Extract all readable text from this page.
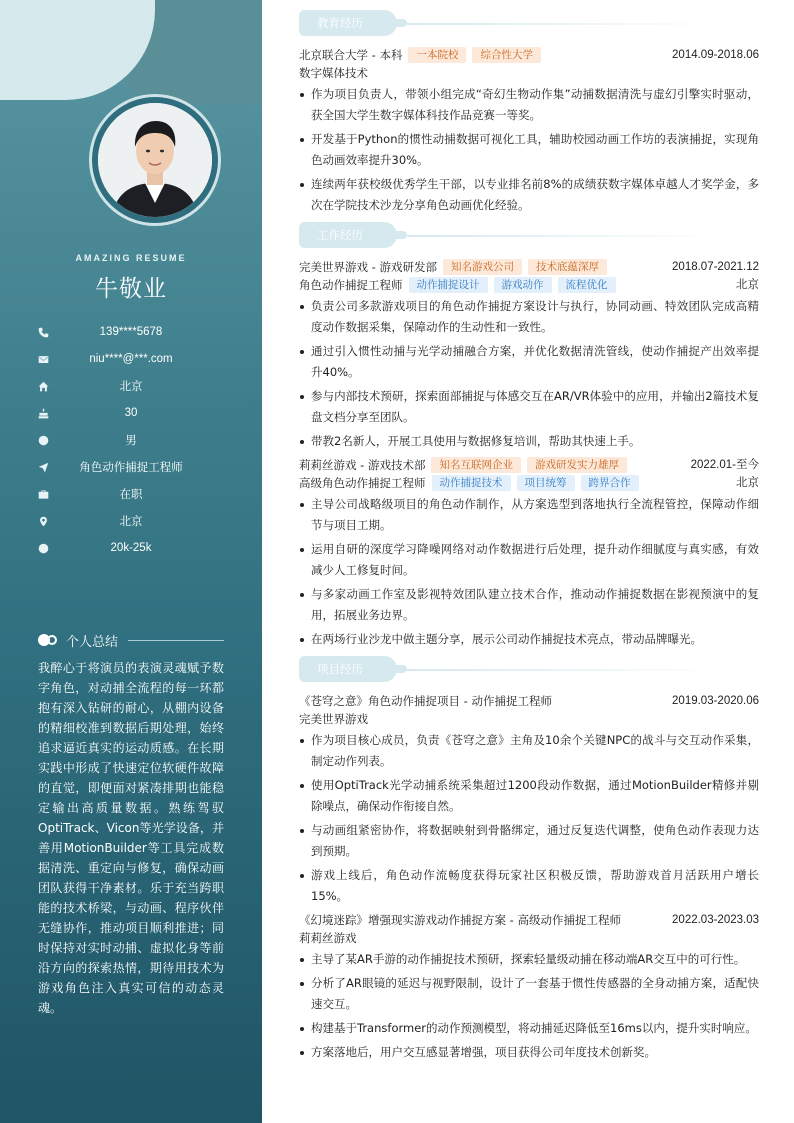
AMAZING RESUME
牛敬业
139****5678
niu****@***.com
北京
30
男
角色动作捕捉工程师
在职
北京
20k-25k
个人总结
我醉心于将演员的表演灵魂赋予数字角色，对动捕全流程的每一环都抱有深入钻研的耐心，从棚内设备的精细校准到数据后期处理，始终追求逼近真实的运动质感。在长期实践中形成了快速定位软硬件故障的直觉，即便面对紧凑排期也能稳定输出高质量数据。熟练驾驭OptiTrack、Vicon等光学设备，并善用MotionBuilder等工具完成数据清洗、重定向与修复，确保动画团队获得干净素材。乐于充当跨职能的技术桥梁，与动画、程序伙伴无缝协作，推动项目顺利推进；同时保持对实时动捕、虚拟化身等前沿方向的探索热情，期待用技术为游戏角色注入真实可信的动态灵魂。
教育经历
北京联合大学 - 本科	一本院校	综合性大学	2014.09-2018.06
数字媒体技术
作为项目负责人，带领小组完成“奇幻生物动作集”动捕数据清洗与虚幻引擎实时驱动，获全国大学生数字媒体科技作品竞赛一等奖。
开发基于Python的惯性动捕数据可视化工具，辅助校园动画工作坊的表演捕捉，实现角色动画效率提升30%。
连续两年获校级优秀学生干部，以专业排名前8%的成绩获数字媒体卓越人才奖学金，多次在学院技术沙龙分享角色动画优化经验。
工作经历
完美世界游戏 - 游戏研发部	知名游戏公司	技术底蕴深厚	2018.07-2021.12
角色动作捕捉工程师	动作捕捉设计	游戏动作	流程优化	北京
负责公司多款游戏项目的角色动作捕捉方案设计与执行，协同动画、特效团队完成高精度动作数据采集，保障动作的生动性和一致性。
通过引入惯性动捕与光学动捕融合方案，并优化数据清洗管线，使动作捕捉产出效率提升40%。
参与内部技术预研，探索面部捕捉与体感交互在AR/VR体验中的应用，并输出2篇技术复盘文档分享至团队。
带教2名新人，开展工具使用与数据修复培训，帮助其快速上手。
莉莉丝游戏 - 游戏技术部	知名互联网企业	游戏研发实力雄厚	2022.01-至今
高级角色动作捕捉工程师	动作捕捉技术	项目统筹	跨界合作	北京
主导公司战略级项目的角色动作制作，从方案选型到落地执行全流程管控，保障动作细节与项目工期。
运用自研的深度学习降噪网络对动作数据进行后处理，提升动作细腻度与真实感，有效减少人工修复时间。
与多家动画工作室及影视特效团队建立技术合作，推动动作捕捉数据在影视预演中的复用，拓展业务边界。
在两场行业沙龙中做主题分享，展示公司动作捕捉技术亮点，带动品牌曝光。
项目经历
《苍穹之意》角色动作捕捉项目 - 动作捕捉工程师	2019.03-2020.06
完美世界游戏
作为项目核心成员，负责《苍穹之意》主角及10余个关键NPC的战斗与交互动作采集，制定动作列表。
使用OptiTrack光学动捕系统采集超过1200段动作数据，通过MotionBuilder精修并剔除噪点，确保动作衔接自然。
与动画组紧密协作，将数据映射到骨骼绑定，通过反复迭代调整，使角色动作表现力达到预期。
游戏上线后，角色动作流畅度获得玩家社区积极反馈，帮助游戏首月活跃用户增长15%。
《幻境迷踪》增强现实游戏动作捕捉方案 - 高级动作捕捉工程师	2022.03-2023.03
莉莉丝游戏
主导了某AR手游的动作捕捉技术预研，探索轻量级动捕在移动端AR交互中的可行性。
分析了AR眼镜的延迟与视野限制，设计了一套基于惯性传感器的全身动捕方案，适配快速交互。
构建基于Transformer的动作预测模型，将动捕延迟降低至16ms以内，提升实时响应。
方案落地后，用户交互感显著增强，项目获得公司年度技术创新奖。
